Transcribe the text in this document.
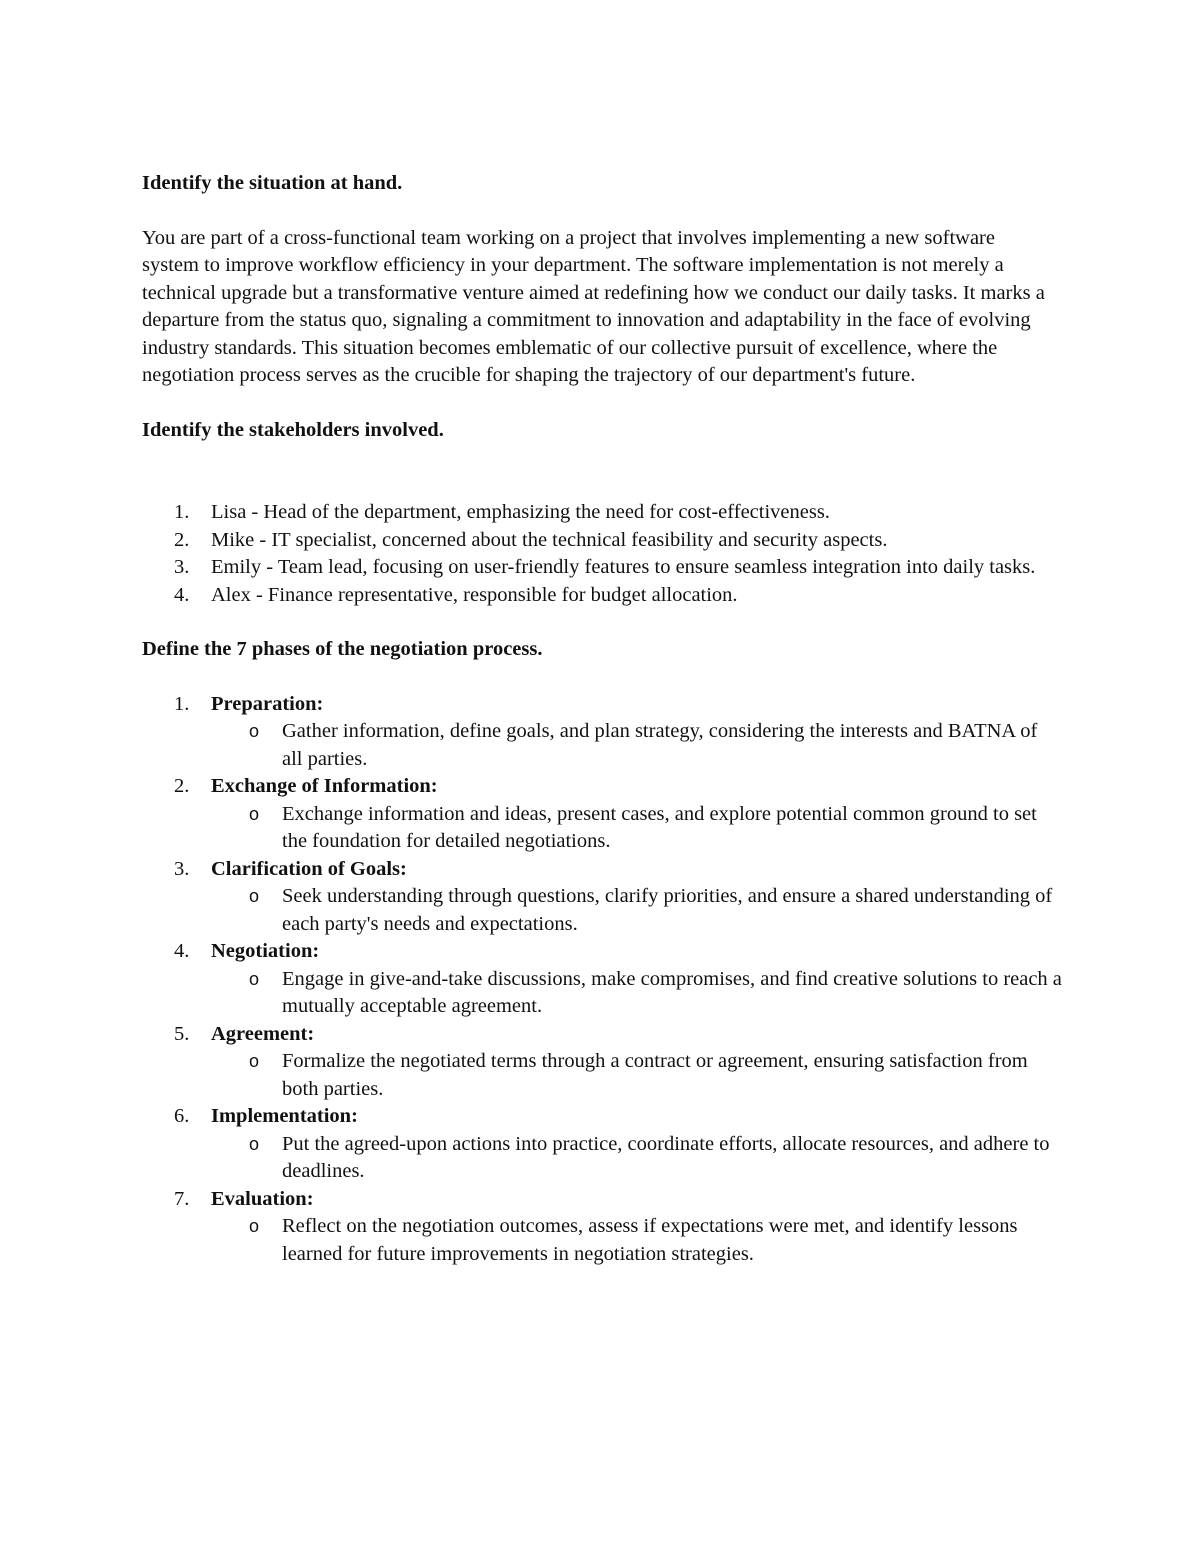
Identify the situation at hand.

You are part of a cross-functional team working on a project that involves implementing a new software system to improve workflow efficiency in your department. The software implementation is not merely a technical upgrade but a transformative venture aimed at redefining how we conduct our daily tasks. It marks a departure from the status quo, signaling a commitment to innovation and adaptability in the face of evolving industry standards. This situation becomes emblematic of our collective pursuit of excellence, where the negotiation process serves as the crucible for shaping the trajectory of our department's future.

Identify the stakeholders involved.
1. Lisa - Head of the department, emphasizing the need for cost-effectiveness.
2. Mike - IT specialist, concerned about the technical feasibility and security aspects.
3. Emily - Team lead, focusing on user-friendly features to ensure seamless integration into daily tasks.
4. Alex - Finance representative, responsible for budget allocation.
Define the 7 phases of the negotiation process.
1. Preparation:
o Gather information, define goals, and plan strategy, considering the interests and BATNA of all parties.
2. Exchange of Information:
o Exchange information and ideas, present cases, and explore potential common ground to set the foundation for detailed negotiations.
3. Clarification of Goals:
o Seek understanding through questions, clarify priorities, and ensure a shared understanding of each party's needs and expectations.
4. Negotiation:
o Engage in give-and-take discussions, make compromises, and find creative solutions to reach a mutually acceptable agreement.
5. Agreement:
o Formalize the negotiated terms through a contract or agreement, ensuring satisfaction from both parties.
6. Implementation:
o Put the agreed-upon actions into practice, coordinate efforts, allocate resources, and adhere to deadlines.
7. Evaluation:
o Reflect on the negotiation outcomes, assess if expectations were met, and identify lessons learned for future improvements in negotiation strategies.
